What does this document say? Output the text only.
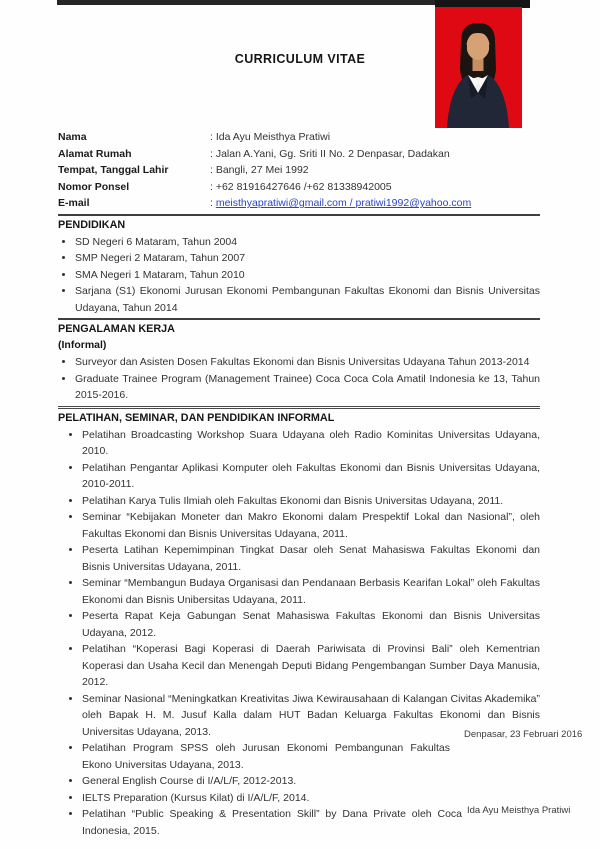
CURRICULUM VITAE
Nama	: Ida Ayu Meisthya Pratiwi
Alamat Rumah	: Jalan A.Yani, Gg. Sriti II No. 2 Denpasar, Dadakan
Tempat, Tanggal Lahir	: Bangli, 27 Mei 1992
Nomor Ponsel	: +62 81916427646 /+62 81338942005
E-mail	: meisthyapratiwi@gmail.com / pratiwi1992@yahoo.com
PENDIDIKAN
• SD Negeri 6 Mataram, Tahun 2004
• SMP Negeri 2 Mataram, Tahun 2007
• SMA Negeri 1 Mataram, Tahun 2010
• Sarjana (S1) Ekonomi Jurusan Ekonomi Pembangunan Fakultas Ekonomi dan Bisnis Universitas Udayana, Tahun 2014
PENGALAMAN KERJA
(Informal)
• Surveyor dan Asisten Dosen Fakultas Ekonomi dan Bisnis Universitas Udayana Tahun 2013-2014
• Graduate Trainee Program (Management Trainee) Coca Coca Cola Amatil Indonesia ke 13, Tahun 2015-2016.
PELATIHAN, SEMINAR, DAN PENDIDIKAN INFORMAL
• Pelatihan Broadcasting Workshop Suara Udayana oleh Radio Kominitas Universitas Udayana, 2010.
• Pelatihan Pengantar Aplikasi Komputer oleh Fakultas Ekonomi dan Bisnis Universitas Udayana, 2010-2011.
• Pelatihan Karya Tulis Ilmiah oleh Fakultas Ekonomi dan Bisnis Universitas Udayana, 2011.
• Seminar “Kebijakan Moneter dan Makro Ekonomi dalam Prespektif Lokal dan Nasional”, oleh Fakultas Ekonomi dan Bisnis Universitas Udayana, 2011.
• Peserta Latihan Kepemimpinan Tingkat Dasar oleh Senat Mahasiswa Fakultas Ekonomi dan Bisnis Universitas Udayana, 2011.
• Seminar “Membangun Budaya Organisasi dan Pendanaan Berbasis Kearifan Lokal” oleh Fakultas Ekonomi dan Bisnis Unibersitas Udayana, 2011.
• Peserta Rapat Keja Gabungan Senat Mahasiswa Fakultas Ekonomi dan Bisnis Universitas Udayana, 2012.
• Pelatihan “Koperasi Bagi Koperasi di Daerah Pariwisata di Provinsi Bali” oleh Kementrian Koperasi dan Usaha Kecil dan Menengah Deputi Bidang Pengembangan Sumber Daya Manusia, 2012.
• Seminar Nasional “Meningkatkan Kreativitas Jiwa Kewirausahaan di Kalangan Civitas Akademika” oleh Bapak H. M. Jusuf Kalla dalam HUT Badan Keluarga Fakultas Ekonomi dan Bisnis Universitas Udayana, 2013.
• Pelatihan Program SPSS oleh Jurusan Ekonomi Pembangunan Fakultas Ekono Universitas Udayana, 2013.
• General English Course di I/A/L/F, 2012-2013.
• IELTS Preparation (Kursus Kilat) di I/A/L/F, 2014.
• Pelatihan “Public Speaking & Presentation Skill” by Dana Private oleh Coca Indonesia, 2015.
Denpasar, 23 Februari 2016
Ida Ayu Meisthya Pratiwi
